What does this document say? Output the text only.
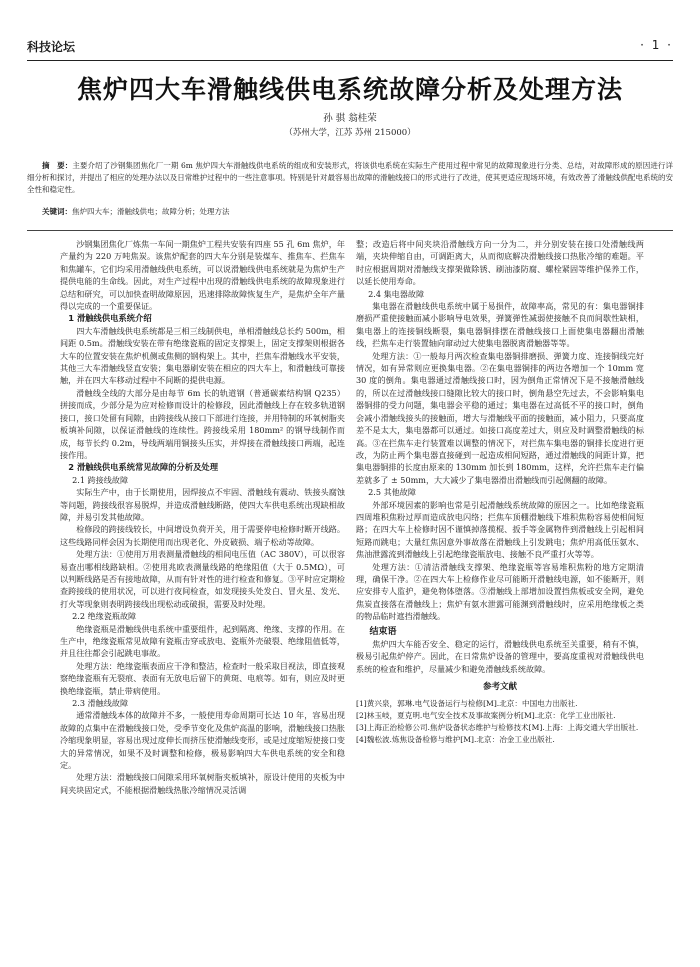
科技论坛	· 1 ·
焦炉四大车滑触线供电系统故障分析及处理方法
孙 骐 翁桂荣
（苏州大学，江苏 苏州 215000）
摘　要：主要介绍了沙钢集团焦化厂一期 6m 焦炉四大车滑触线供电系统的组成和安装形式，将该供电系统在实际生产使用过程中常见的故障现象进行分类、总结，对故障形成的原因进行详细分析和探讨，并提出了相应的处理办法以及日常维护过程中的一些注意事项。特别是针对最容易出故障的滑触线接口的形式进行了改进，使其更适应现场环境，有效改善了滑触线供配电系统的安全性和稳定性。
关键词：焦炉四大车；滑触线供电；故障分析；处理方法

沙钢集团焦化厂炼焦一车间一期焦炉工程共安装有四座 55 孔 6m 焦炉，年产量约为 220 万吨焦炭。该焦炉配套的四大车分别是装煤车、推焦车、拦焦车和焦罐车，它们均采用滑触线供电系统，可以说滑触线供电系统就是为焦炉生产提供电能的生命线。因此，对生产过程中出现的滑触线供电系统的故障现象进行总结和研究，可以加快查明故障原因，迅速排除故障恢复生产，是焦炉全年产量得以完成的一个重要保证。

1 滑触线供电系统介绍

四大车滑触线供电系统都是三相三线制供电，单相滑触线总长约 500m，相间距 0.5m。滑触线安装在带有绝缘瓷瓶的固定支撑架上，固定支撑架则根据各大车的位置安装在焦炉机侧或焦侧的钢构架上。其中，拦焦车滑触线水平安装，其他三大车滑触线竖直安装；集电器刷安装在相应的四大车上，和滑触线可靠接触，并在四大车移动过程中不间断的提供电源。

滑触线全线的大部分是由每节 6m 长的轨道钢（普通碳素结构钢 Q235）拼接而成，少部分是为应对检修而设计的检修段，因此滑触线上存在较多轨道钢接口，接口处留有间隙，由跨接线从接口下部进行连接，并用特制的环氧树脂夹板填补间隙，以保证滑触线的连续性。跨接线采用 180mm² 的钢导线制作而成，每节长约 0.2m，导线两端用铜接头压实，并焊接在滑触线接口两端，起连接作用。

2 滑触线供电系统常见故障的分析及处理
2.1 跨接线故障

实际生产中，由于长期使用，因焊接点不牢固、滑触线有震动、铁接头腐蚀等问题，跨接线很容易脱焊，并造成滑触线断路，使四大车供电系统出现缺相故障，并易引发其他故障。

检修段的跨接线较长，中间增设负荷开关，用于需要停电检修时断开线路。这些线路同样会因为长期使用而出现老化、外皮破损、端子松动等故障。

处理方法：①使用万用表测量滑触线的相间电压值（AC 380V），可以很容易查出哪相线路缺相。②使用兆欧表测量线路的绝缘阻值（大于 0.5MΩ），可以判断线路是否有接地故障，从而有针对性的进行检查和修复。③平时应定期检查跨接线的使用状况，可以进行夜间检查，如发现接头处发白、冒火星、发光、打火等现象则表明跨接线出现松动或破损，需要及时处理。

2.2 绝缘瓷瓶故障

绝缘瓷瓶是滑触线供电系统中重要组件，起到隔离、绝缘、支撑的作用。在生产中，绝缘瓷瓶常见故障有瓷瓶击穿或放电、瓷瓶外壳破裂、绝缘阻值低等，并且往往都会引起跳电事故。

处理方法：绝缘瓷瓶表面应干净和整洁，检查时一般采取目视法，即直接观察绝缘瓷瓶有无裂痕、表面有无放电后留下的黄斑、电痕等。如有，则应及时更换绝缘瓷瓶，禁止带病使用。

2.3 滑触线故障

通常滑触线本体的故障并不多，一般使用寿命周期可长达 10 年，容易出现故障的点集中在滑触线接口处，受季节变化及焦炉高温的影响，滑触线接口热胀冷缩现象明显，容易出现过度伸长而挤压使滑触线变形，或是过度缩短使接口变大的异常情况，如果不及时调整和检修，极易影响四大车供电系统的安全和稳定。

处理方法：滑触线接口间隙采用环氧树脂夹板填补，原设计使用的夹板为中间夹块固定式，不能根据滑触线热胀冷缩情况灵活调

整；改造后将中间夹块沿滑触线方向一分为二，并分别安装在接口处滑触线两端，夹块伸缩自由，可调距离大，从而彻底解决滑触线接口热胀冷缩的难题。平时应根据周期对滑触线支撑架做除锈、刷油漆防腐、螺栓紧固等维护保养工作，以延长使用寿命。

2.4 集电器故障

集电器在滑触线供电系统中属于易损件，故障率高，常见的有：集电器铜排磨损严重使接触面减小影响导电效果，弹簧弹性减弱使接触不良而间歇性缺相，集电器上的连接铜线断裂，集电器铜排摆在滑触线接口上面使集电器翻出滑触线，拦焦车走行装置轴向窜动过大使集电器脱离滑触器等等。

处理方法：①一般每月两次检查集电器铜排磨损、弹簧力度、连接铜线完好情况，如有异常则应更换集电器。②在集电器铜排的两边各增加一个 10mm 宽 30 度的倒角。集电器通过滑触线接口时，因为倒角正常情况下是不接触滑触线的，所以在过滑触线接口缝隙比较大的接口时，倒角悬空先过去，不会影响集电器铜排的受力问题，集电器会平稳的通过；集电器在过高低不平的接口时，倒角会减小滑触线接头的接触面，增大与滑触线平面的接触面，减小阻力，只要高度差不是太大，集电器都可以通过。如接口高度差过大，则应及时调整滑触线的标高。③在拦焦车走行装置难以调整的情况下，对拦焦车集电器的铜排长度进行更改，为防止两个集电器直接碰到一起造成相间短路，通过滑触线的间距计算，把集电器铜排的长度由原来的 130mm 加长到 180mm，这样，允许拦焦车走行偏差就多了 ± 50mm，大大减少了集电器滑出滑触线而引起侧翻的故障。

2.5 其他故障

外部环境因素的影响也常是引起滑触线系统故障的原因之一。比如绝缘瓷瓶四周堆积焦粉过厚而造成放电闪络；拦焦车顶棚滑触线下堆积焦粉容易使相间短路；在四大车上检修时因不谨慎掉落揽棍、扳手等金属物件到滑触线上引起相间短路而跳电；大量红焦因意外事故落在滑触线上引发跳电；焦炉用高低压氨水、焦油泄露流到滑触线上引起绝缘瓷瓶放电、接触不良严重打火等等。

处理方法：①清洁滑触线支撑架、绝缘瓷瓶等容易堆积焦粉的地方定期清理，确保干净。②在四大车上检修作业尽可能断开滑触线电源，如不能断开，则应安排专人监护，避免物体堕落。③滑触线上部增加设置挡焦板或安全网，避免焦炭直接落在滑触线上；焦炉有氨水泄露可能渊到滑触线时，应采用绝缘板之类的物品临时遮挡滑触线。

结束语

焦炉四大车能否安全、稳定的运行，滑触线供电系统至关重要，稍有不慎，极易引起焦炉停产。因此，在日常焦炉设备的管理中，要高度重视对滑触线供电系统的检查和维护，尽量减少和避免滑触线系统故障。

参考文献
[1]黄兴泉，郭琳.电气设备运行与检修[M].北京：中国电力出版社.
[2]林玉岐，夏克明.电气安全技术及事故案例分析[M].北京：化学工业出版社.
[3]上海正治检修公司.焦炉设备状态维护与检修技术[M].上海：上海交通大学出版社.
[4]魏松波.炼焦设备检修与维护[M].北京：冶金工业出版社.
